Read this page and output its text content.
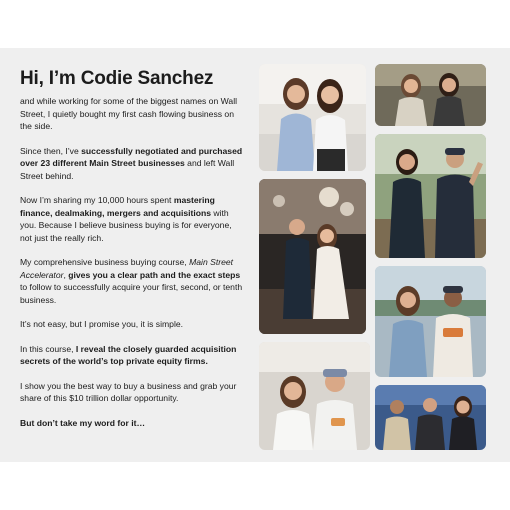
Hi, I’m Codie Sanchez

and while working for some of the biggest names on Wall Street, I quietly bought my first cash flowing business on the side.

Since then, I’ve successfully negotiated and purchased over 23 different Main Street businesses and left Wall Street behind.

Now I’m sharing my 10,000 hours spent mastering finance, dealmaking, mergers and acquisitions with you. Because I believe business buying is for everyone, not just the really rich.

My comprehensive business buying course, Main Street Accelerator, gives you a clear path and the exact steps to follow to successfully acquire your first, second, or tenth business.

It’s not easy, but I promise you, it is simple.

In this course, I reveal the closely guarded acquisition secrets of the world’s top private equity firms.

I show you the best way to buy a business and grab your share of this $10 trillion dollar opportunity.

But don’t take my word for it…
